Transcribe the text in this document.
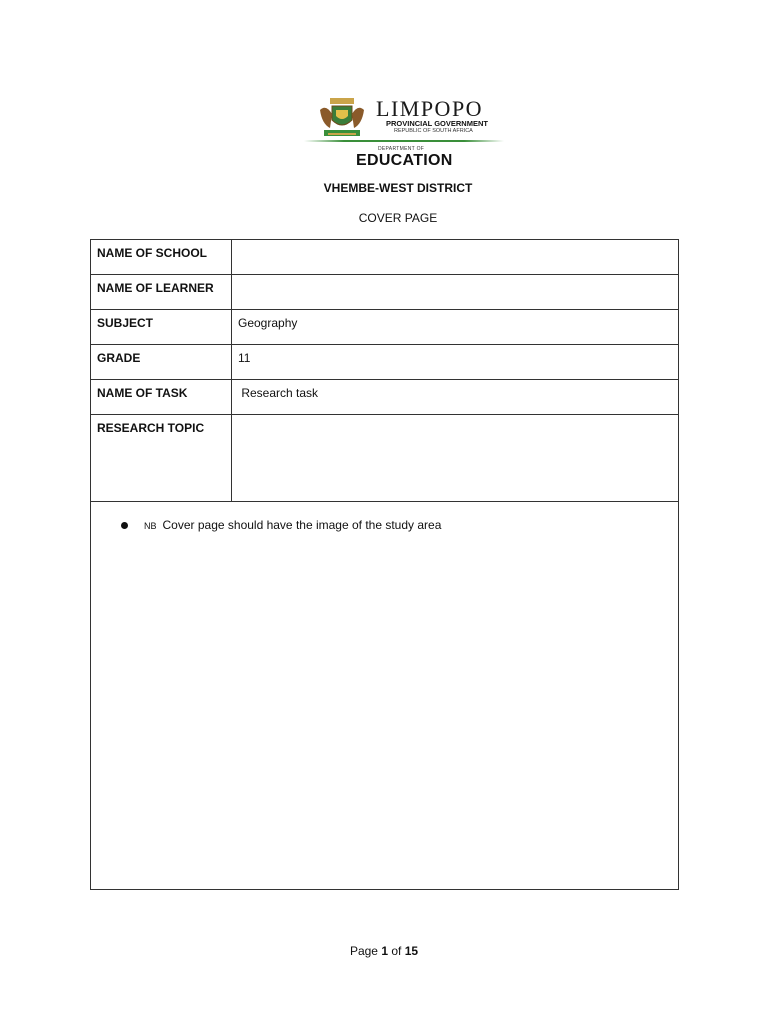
LIMPOPO
PROVINCIAL GOVERNMENT
REPUBLIC OF SOUTH AFRICA
DEPARTMENT OF
EDUCATION
VHEMBE-WEST DISTRICT
COVER PAGE
NAME OF SCHOOL	
NAME OF LEARNER	
SUBJECT	Geography
GRADE	11
NAME OF TASK	Research task
RESEARCH TOPIC	
NB Cover page should have the image of the study area
Page 1 of 15
